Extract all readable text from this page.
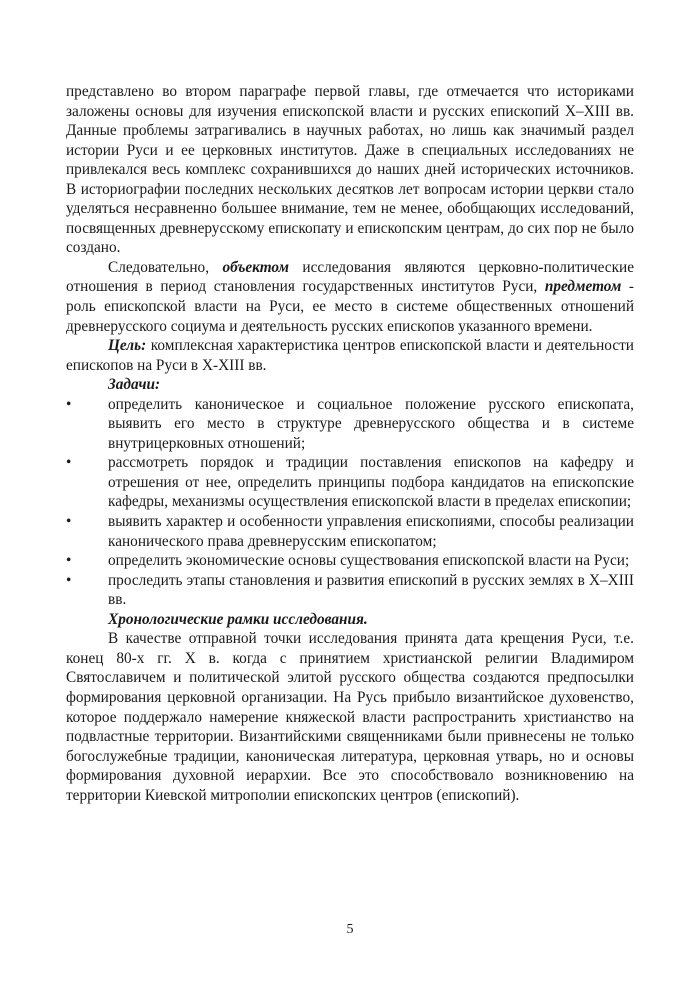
представлено во втором параграфе первой главы, где отмечается что историками заложены основы для изучения епископской власти и русских епископий X–XIII вв. Данные проблемы затрагивались в научных работах, но лишь как значимый раздел истории Руси и ее церковных институтов. Даже в специальных исследованиях не привлекался весь комплекс сохранившихся до наших дней исторических источников. В историографии последних нескольких десятков лет вопросам истории церкви стало уделяться несравненно большее внимание, тем не менее, обобщающих исследований, посвященных древнерусскому епископату и епископским центрам, до сих пор не было создано.

Следовательно, объектом исследования являются церковно-политические отношения в период становления государственных институтов Руси, предметом - роль епископской власти на Руси, ее место в системе общественных отношений древнерусского социума и деятельность русских епископов указанного времени.

Цель: комплексная характеристика центров епископской власти и деятельности епископов на Руси в X-XIII вв.

Задачи:

•	определить каноническое и социальное положение русского епископата, выявить его место в структуре древнерусского общества и в системе внутрицерковных отношений;
•	рассмотреть порядок и традиции поставления епископов на кафедру и отрешения от нее, определить принципы подбора кандидатов на епископские кафедры, механизмы осуществления епископской власти в пределах епископии;
•	выявить характер и особенности управления епископиями, способы реализации канонического права древнерусским епископатом;
•	определить экономические основы существования епископской власти на Руси;
•	проследить этапы становления и развития епископий в русских землях в X–XIII вв.

Хронологические рамки исследования.

В качестве отправной точки исследования принята дата крещения Руси, т.е. конец 80-х гг. X в. когда с принятием христианской религии Владимиром Святославичем и политической элитой русского общества создаются предпосылки формирования церковной организации. На Русь прибыло византийское духовенство, которое поддержало намерение княжеской власти распространить христианство на подвластные территории. Византийскими священниками были привнесены не только богослужебные традиции, каноническая литература, церковная утварь, но и основы формирования духовной иерархии. Все это способствовало возникновению на территории Киевской митрополии епископских центров (епископий).

5
